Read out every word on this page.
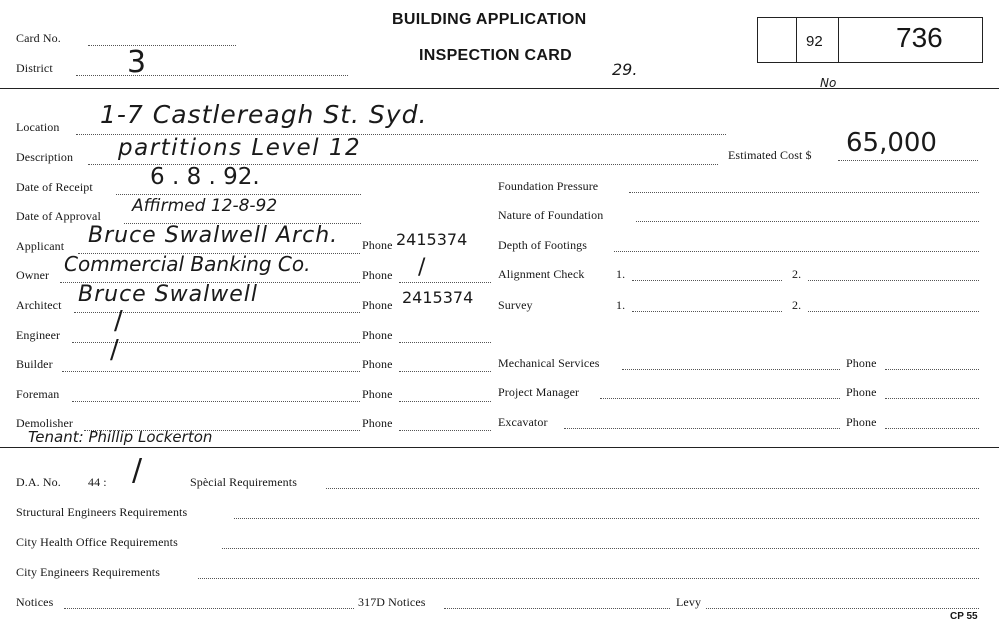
Card No.
District 3
BUILDING APPLICATION
INSPECTION CARD
92	736
29.
No
Location 1-7 Castlereagh St. Syd.
Description partitions Level 12	Estimated Cost $ 65,000
Date of Receipt 6 . 8 . 92.
Date of Approval Affirmed 12-8-92
Applicant Bruce Swalwell Arch. Phone 2415374
Owner Commercial Banking Co.	Phone /
Architect Bruce Swalwell	Phone 2415374
Engineer /	Phone
Builder /	Phone
Foreman	Phone
Demolisher	Phone
Tenant: Phillip Lockerton
Foundation Pressure
Nature of Foundation
Depth of Footings
Alignment Check	1.	2.
Survey	1.	2.
Mechanical Services	Phone
Project Manager	Phone
Excavator	Phone
D.A. No. 44 : /	Spècial Requirements
Structural Engineers Requirements
City Health Office Requirements
City Engineers Requirements
Notices	317D Notices	Levy
CP 55
